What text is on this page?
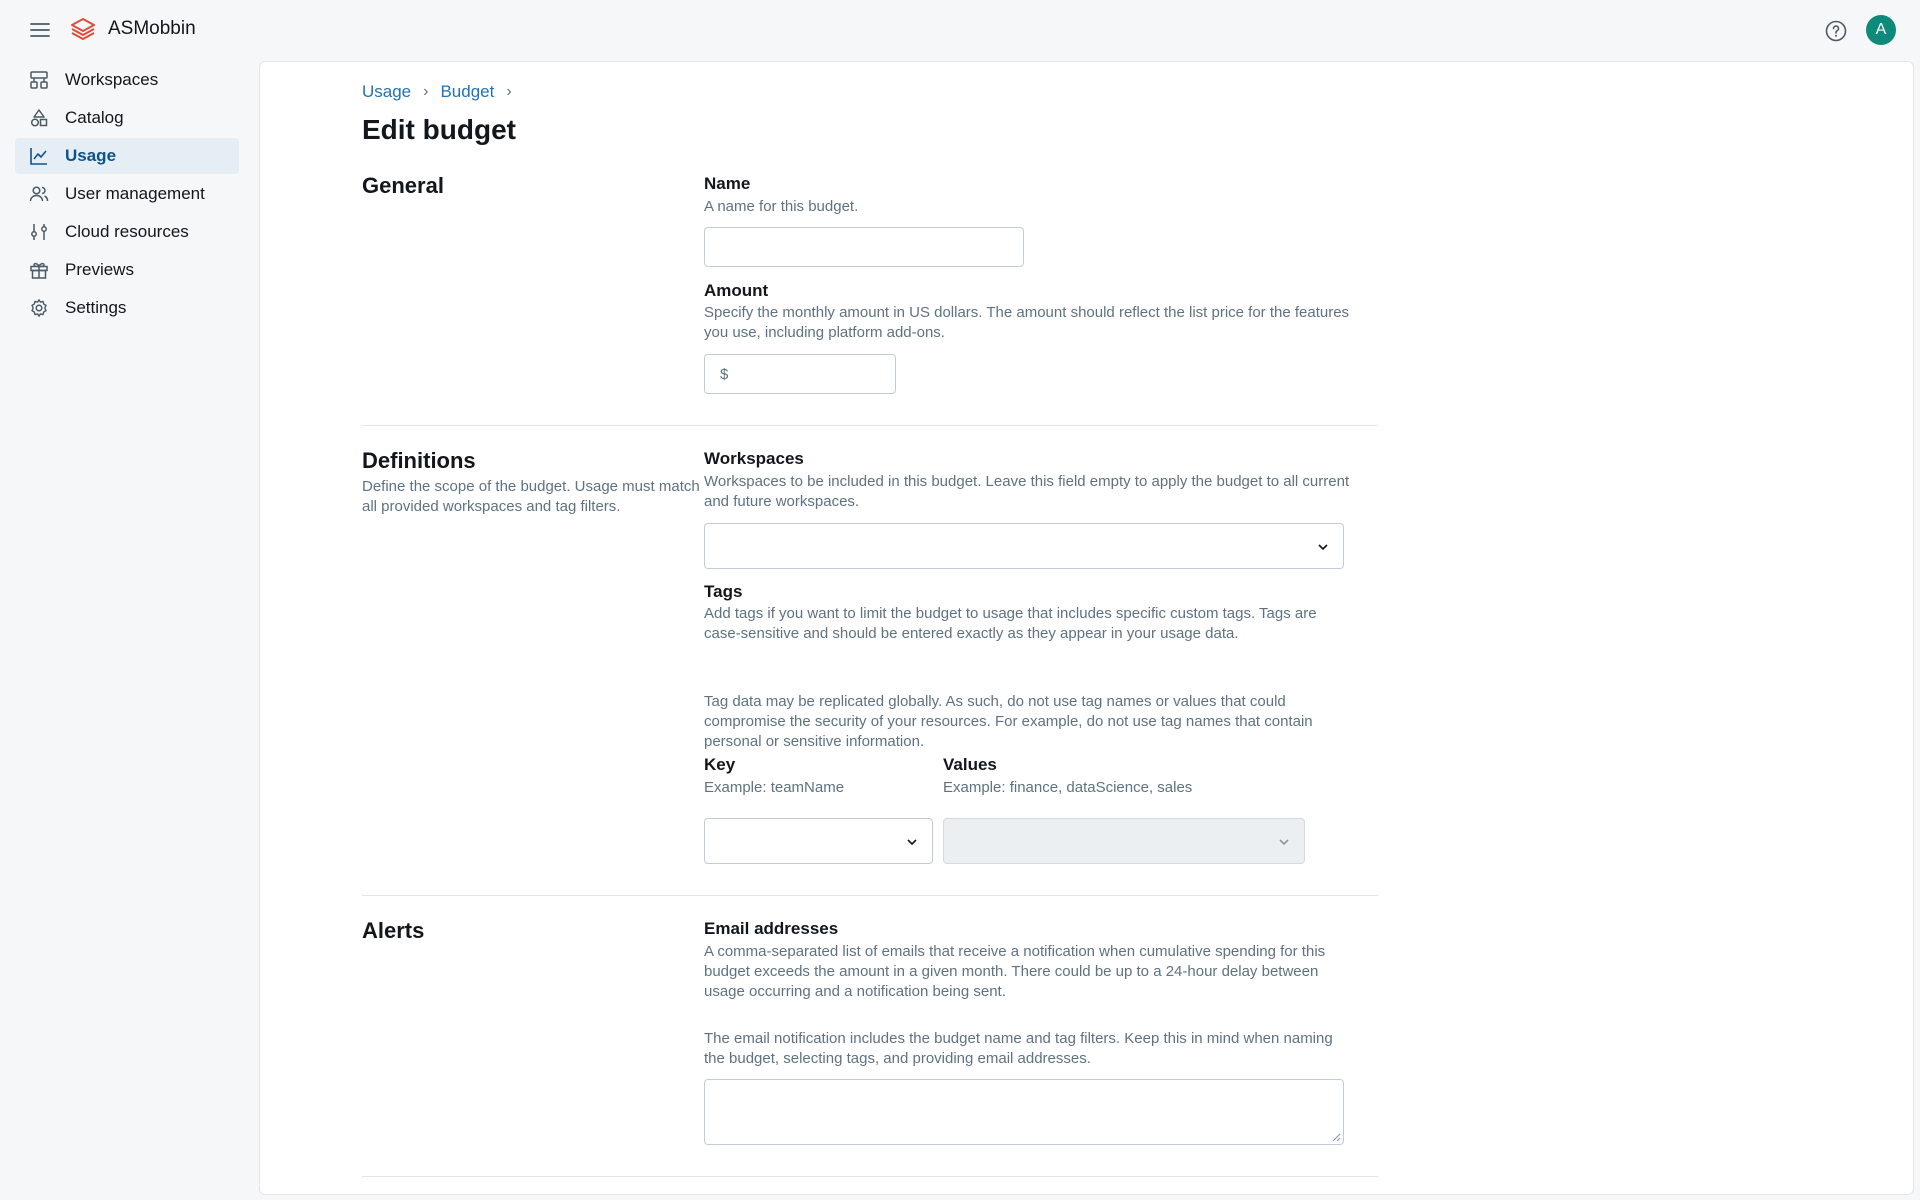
ASMobbin	A
Workspaces
Catalog
Usage
User management
Cloud resources
Previews
Settings
Usage › Budget ›
Edit budget
General	Name
A name for this budget.
Amount
Specify the monthly amount in US dollars. The amount should reflect the list price for the features you use, including platform add-ons.
$
Definitions
Define the scope of the budget. Usage must match all provided workspaces and tag filters.
Workspaces
Workspaces to be included in this budget. Leave this field empty to apply the budget to all current and future workspaces.
Tags
Add tags if you want to limit the budget to usage that includes specific custom tags. Tags are case-sensitive and should be entered exactly as they appear in your usage data.
Tag data may be replicated globally. As such, do not use tag names or values that could compromise the security of your resources. For example, do not use tag names that contain personal or sensitive information.
Key
Example: teamName
Values
Example: finance, dataScience, sales
Alerts	Email addresses
A comma-separated list of emails that receive a notification when cumulative spending for this budget exceeds the amount in a given month. There could be up to a 24-hour delay between usage occurring and a notification being sent.
The email notification includes the budget name and tag filters. Keep this in mind when naming the budget, selecting tags, and providing email addresses.
